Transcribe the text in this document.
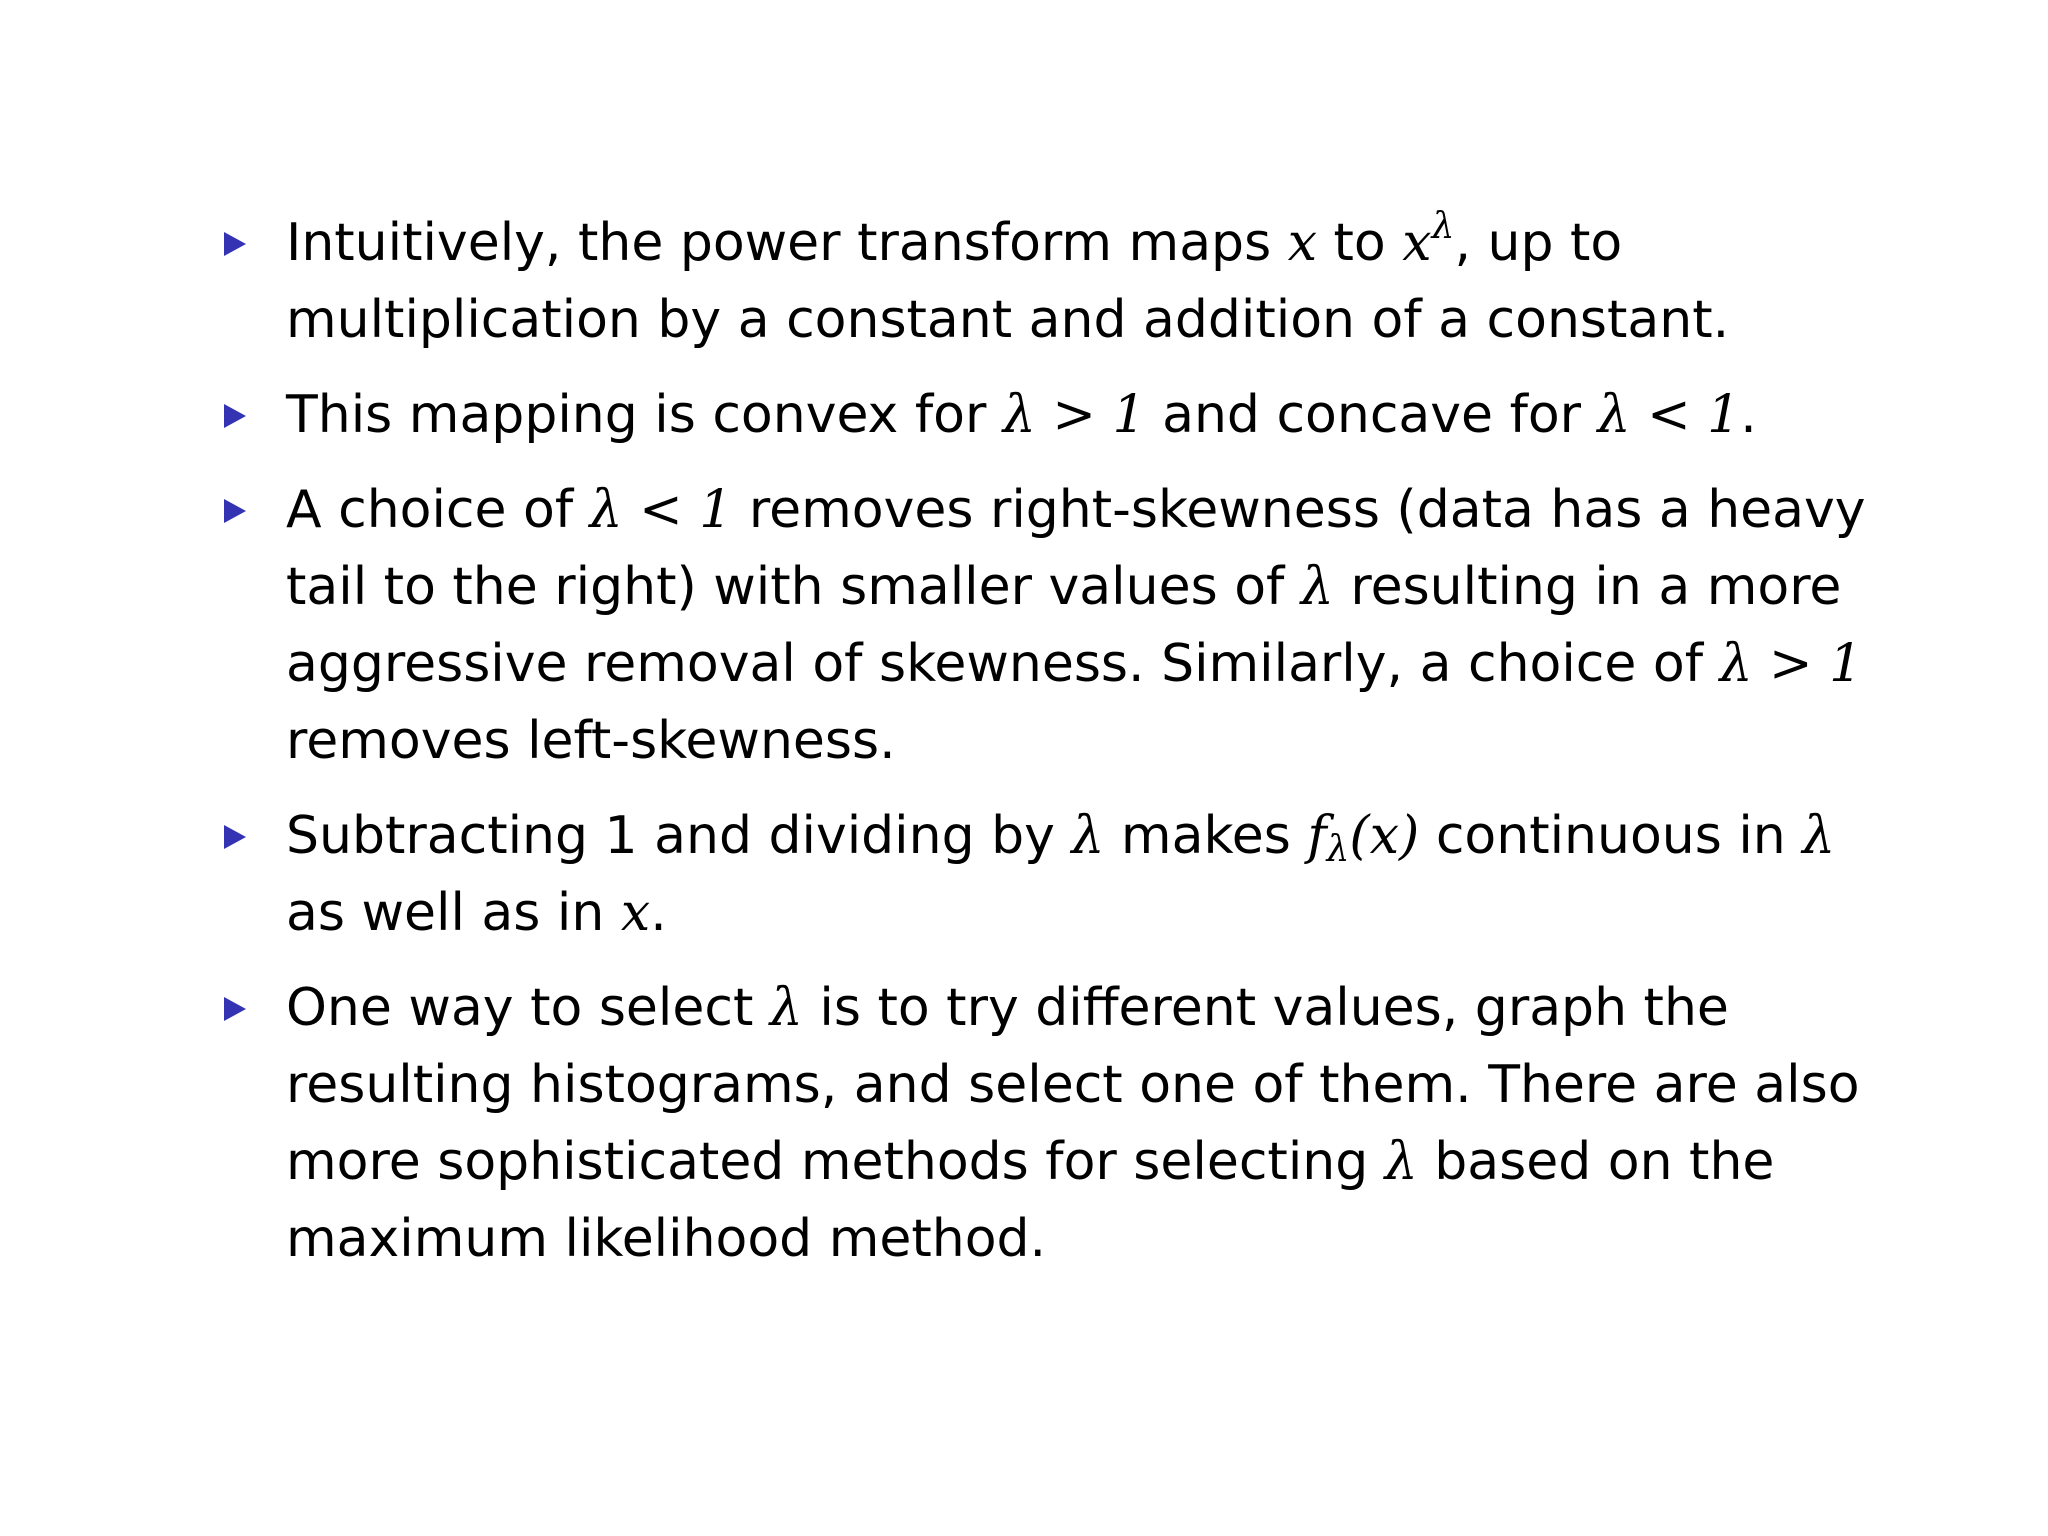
Intuitively, the power transform maps x to $x^\lambda$, up to multiplication by a constant and addition of a constant.
This mapping is convex for λ > 1 and concave for λ < 1.
A choice of λ < 1 removes right-skewness (data has a heavy tail to the right) with smaller values of λ resulting in a more aggressive removal of skewness. Similarly, a choice of λ > 1 removes left-skewness.
Subtracting 1 and dividing by λ makes $f_\lambda(x)$ continuous in λ as well as in x.
One way to select λ is to try different values, graph the resulting histograms, and select one of them. There are also more sophisticated methods for selecting λ based on the maximum likelihood method.
